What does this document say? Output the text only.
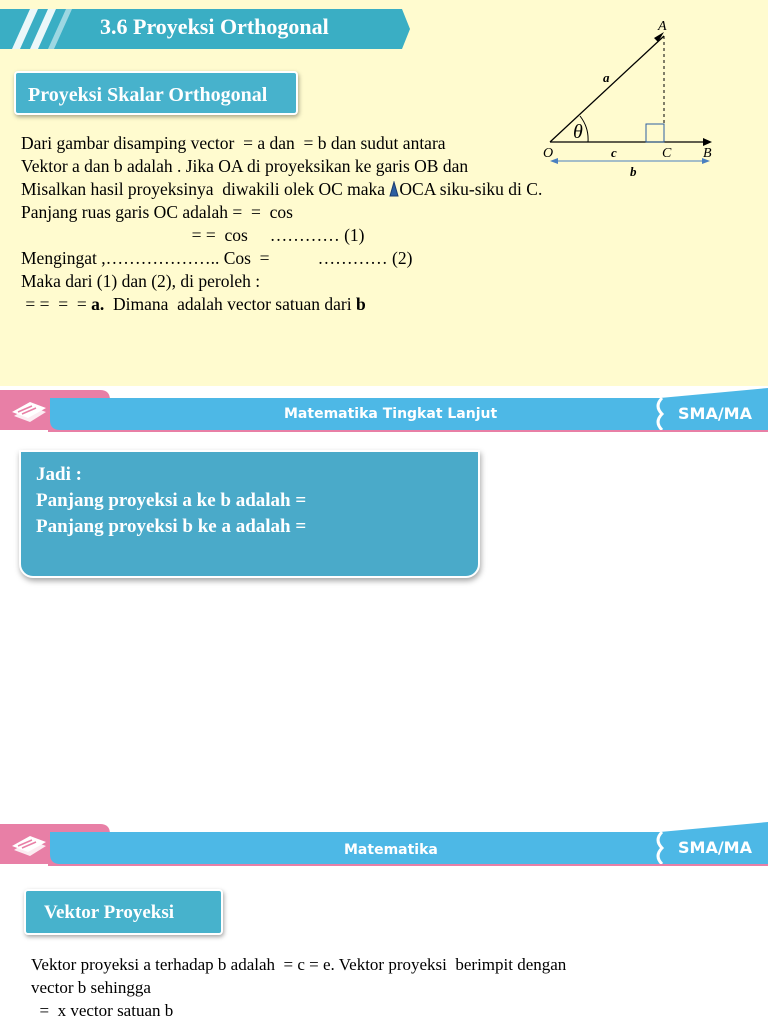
3.6 Proyeksi Orthogonal
Proyeksi Skalar Orthogonal
Dari gambar disamping vector  = a dan  = b dan sudut antara
Vektor a dan b adalah . Jika OA di proyeksikan ke garis OB dan
Misalkan hasil proyeksinya  diwakili olek OC maka OCA siku-siku di C.
Panjang ruas garis OC adalah =  =  cos
= =  cos     ………… (1)
Mengingat ,……………….. Cos  =           ………… (2)
Maka dari (1) dan (2), di peroleh :
= =  =  = a.  Dimana  adalah vector satuan dari b
A
a
θ
O	c	C B
b
Matematika Tingkat Lanjut	SMA/MA
Jadi :
Panjang proyeksi a ke b adalah =
Panjang proyeksi b ke a adalah =
Matematika	SMA/MA
Vektor Proyeksi
Vektor proyeksi a terhadap b adalah  = c = e. Vektor proyeksi  berimpit dengan
vector b sehingga
=  x vector satuan b
